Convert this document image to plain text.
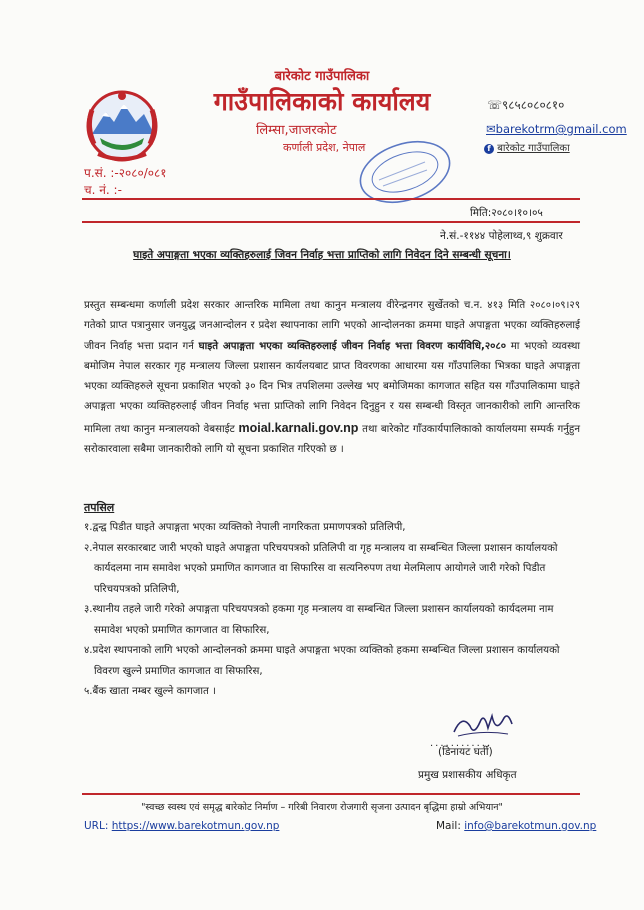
बारेकोट गाउँपालिका
गाउँपालिकाको कार्यालय
लिम्सा,जाजरकोट
कर्णाली प्रदेश, नेपाल
☏९८५८०८०८१०
✉barekotrm@gmail.com
f बारेकोट गाउँपालिका
प.सं. :-२०८०/०८१
च. नं. :-
मिति:२०८०।१०।०५
ने.सं.-११४४ पोहेलाथ्व,९ शुक्रवार
घाइते अपाङ्गता भएका व्यक्तिहरुलाई जिवन निर्वाह भत्ता प्राप्तिको लागि निवेदन दिने सम्बन्धी सूचना।
प्रस्तुत सम्बन्धमा कर्णाली प्रदेश सरकार आन्तरिक मामिला तथा कानुन मन्त्रालय वीरेन्द्रनगर सुर्खेतको च.न. ४१३ मिति २०८०।०९।२९ गतेको प्राप्त पत्रानुसार जनयुद्ध जनआन्दोलन र प्रदेश स्थापनाका लागि भएको आन्दोलनका क्रममा घाइते अपाङ्गता भएका व्यक्तिहरुलाई जीवन निर्वाह भत्ता प्रदान गर्न घाइते अपाङ्गता भएका व्यक्तिहरुलाई जीवन निर्वाह भत्ता विवरण कार्यविधि,२०८० मा भएको व्यवस्था बमोजिम नेपाल सरकार गृह मन्त्रालय जिल्ला प्रशासन कार्यलयबाट प्राप्त विवरणका आधारमा यस गाँउपालिका भित्रका घाइते अपाङ्गता भएका व्यक्तिहरुले सूचना प्रकाशित भएको ३० दिन भित्र तपशिलमा उल्लेख भए बमोजिमका कागजात सहित यस गाँउपालिकामा घाइते अपाङ्गता भएका व्यक्तिहरुलाई जीवन निर्वाह भत्ता प्राप्तिको लागि निवेदन दिनुहुन र यस सम्बन्धी विस्तृत जानकारीको लागि आन्तरिक मामिला तथा कानुन मन्त्रालयको वेबसाईट moial.karnali.gov.np तथा बारेकोट गाँउकार्यपालिकाको कार्यालयमा सम्पर्क गर्नुहुन सरोकारवाला सबैमा जानकारीको लागि यो सूचना प्रकाशित गरिएको छ ।
तपसिल
१.द्वन्द्व पिडीत घाइते अपाङ्गता भएका व्यक्तिको नेपाली नागरिकता प्रमाणपत्रको प्रतिलिपी,
२.नेपाल सरकारबाट जारी भएको घाइते अपाङ्गता परिचयपत्रको प्रतिलिपी वा गृह मन्त्रालय वा सम्बन्धित जिल्ला प्रशासन कार्यालयको कार्यदलमा नाम समावेश भएको प्रमाणित कागजात वा सिफारिस वा सत्यनिरुपण तथा मेलमिलाप आयोगले जारी गरेको पिडीत परिचयपत्रको प्रतिलिपी,
३.स्थानीय तहले जारी गरेको अपाङ्गता परिचयपत्रको हकमा गृह मन्त्रालय वा सम्बन्धित जिल्ला प्रशासन कार्यालयको कार्यदलमा नाम समावेश भएको प्रमाणित कागजात वा सिफारिस,
४.प्रदेश स्थापनाको लागि भएको आन्दोलनको क्रममा घाइते अपाङ्गता भएका व्यक्तिको हकमा सम्बन्धित जिल्ला प्रशासन कार्यालयको विवरण खुल्ने प्रमाणित कागजात वा सिफारिस,
५.बैंक खाता नम्बर खुल्ने कागजात ।
............
(डिनायट घर्ती)
प्रमुख प्रशासकीय अधिकृत
"स्वच्छ स्वस्थ एवं समृद्ध बारेकोट निर्माण – गरिबी निवारण रोजगारी सृजना उत्पादन बृद्धिमा हाम्रो अभियान"
URL: https://www.barekotmun.gov.np	Mail: info@barekotmun.gov.np
